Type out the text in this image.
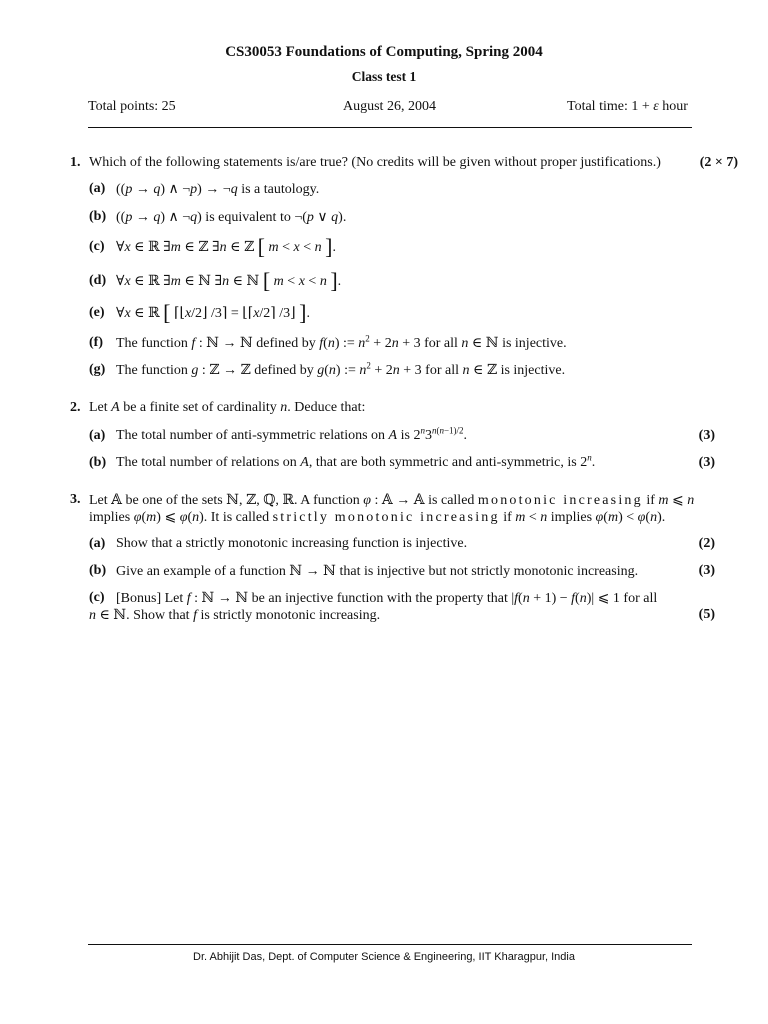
CS30053 Foundations of Computing, Spring 2004
Class test 1
Total points: 25	August 26, 2004	Total time: 1 + ε hour
1. Which of the following statements is/are true? (No credits will be given without proper justifications.)	(2 × 7)
(a) ((p → q) ∧ ¬p) → ¬q is a tautology.
(b) ((p → q) ∧ ¬q) is equivalent to ¬(p ∨ q).
(c) ∀x ∈ ℝ ∃m ∈ ℤ ∃n ∈ ℤ [ m < x < n ].
(d) ∀x ∈ ℝ ∃m ∈ ℕ ∃n ∈ ℕ [ m < x < n ].
(e) ∀x ∈ ℝ [ ⌈⌊x/2⌋ /3⌉ = ⌊⌈x/2⌉ /3⌋ ].
(f) The function f : ℕ → ℕ defined by f(n) := $n^2 + 2n + 3$ for all n ∈ ℕ is injective.
(g) The function g : ℤ → ℤ defined by g(n) := $n^2 + 2n + 3$ for all n ∈ ℤ is injective.
2. Let A be a finite set of cardinality n. Deduce that:
(a) The total number of anti-symmetric relations on A is $2^n3^{n(n-1)/2}$.	(3)
(b) The total number of relations on A, that are both symmetric and anti-symmetric, is 2$^n$.	(3)
3. Let 𝔸 be one of the sets ℕ, ℤ, ℚ, ℝ. A function φ : 𝔸 → 𝔸 is called monotonic increasing if m ⩽ n
implies φ(m) ⩽ φ(n). It is called strictly monotonic increasing if m < n implies φ(m) < φ(n).
(a) Show that a strictly monotonic increasing function is injective.	(2)
(b) Give an example of a function ℕ → ℕ that is injective but not strictly monotonic increasing.	(3)
(c) [Bonus] Let f : ℕ → ℕ be an injective function with the property that |f(n + 1) − f(n)| ⩽ 1 for all
n ∈ ℕ. Show that f is strictly monotonic increasing.	(5)
Dr. Abhijit Das, Dept. of Computer Science & Engineering, IIT Kharagpur, India
